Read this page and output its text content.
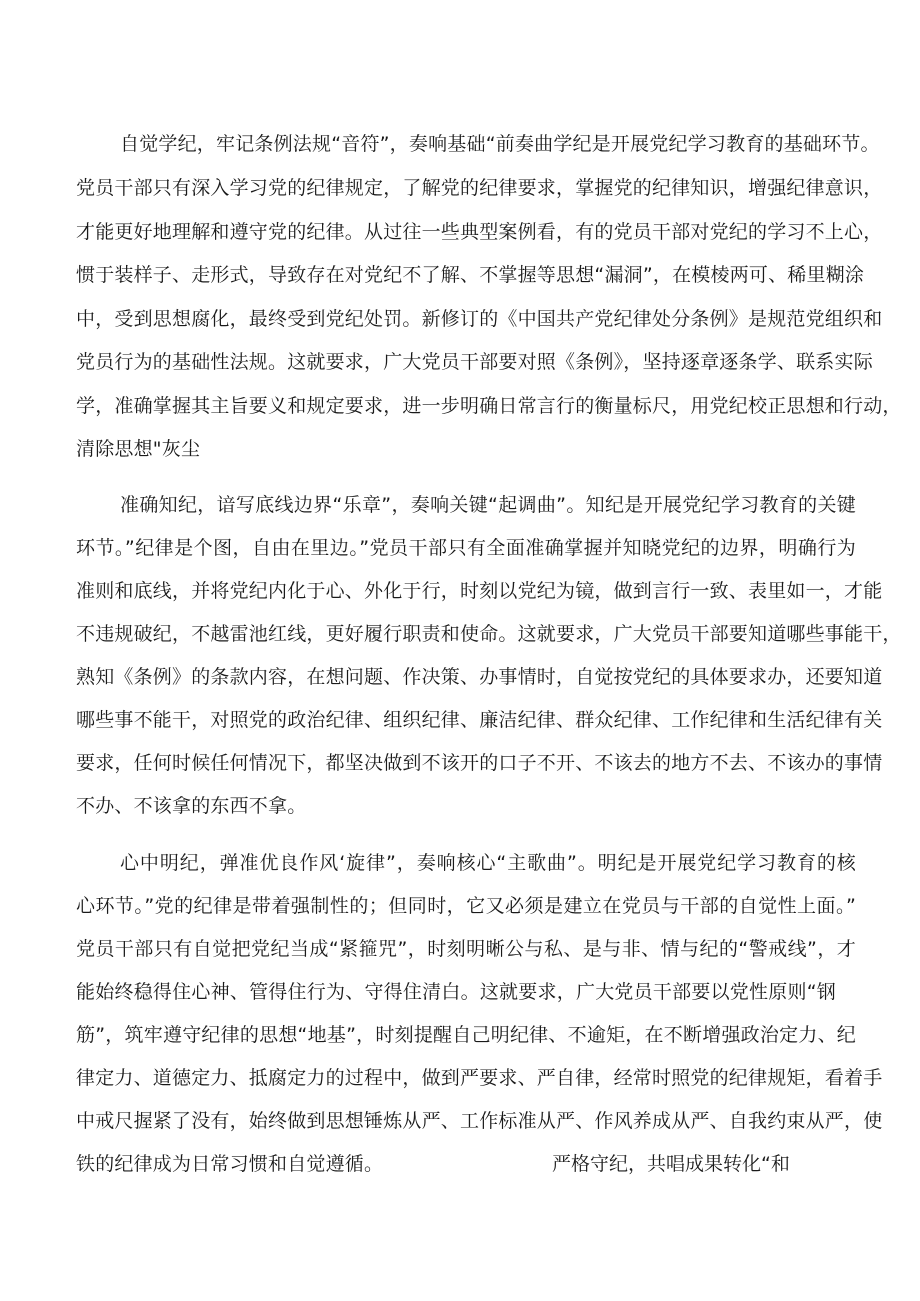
自觉学纪，牢记条例法规“音符”，奏响基础“前奏曲学纪是开展党纪学习教育的基础环节。
党员干部只有深入学习党的纪律规定，了解党的纪律要求，掌握党的纪律知识，增强纪律意识，
才能更好地理解和遵守党的纪律。从过往一些典型案例看，有的党员干部对党纪的学习不上心，
惯于装样子、走形式，导致存在对党纪不了解、不掌握等思想“漏洞”，在模棱两可、稀里糊涂
中，受到思想腐化，最终受到党纪处罚。新修订的《中国共产党纪律处分条例》是规范党组织和
党员行为的基础性法规。这就要求，广大党员干部要对照《条例》，坚持逐章逐条学、联系实际
学，准确掌握其主旨要义和规定要求，进一步明确日常言行的衡量标尺，用党纪校正思想和行动，
清除思想"灰尘
准确知纪，谙写底线边界“乐章”，奏响关键“起调曲”。知纪是开展党纪学习教育的关键
环节。”纪律是个图，自由在里边。”党员干部只有全面准确掌握并知晓党纪的边界，明确行为
准则和底线，并将党纪内化于心、外化于行，时刻以党纪为镜，做到言行一致、表里如一，才能
不违规破纪，不越雷池红线，更好履行职责和使命。这就要求，广大党员干部要知道哪些事能干，
熟知《条例》的条款内容，在想问题、作决策、办事情时，自觉按党纪的具体要求办，还要知道
哪些事不能干，对照党的政治纪律、组织纪律、廉洁纪律、群众纪律、工作纪律和生活纪律有关
要求，任何时候任何情况下，都坚决做到不该开的口子不开、不该去的地方不去、不该办的事情
不办、不该拿的东西不拿。
心中明纪，弹准优良作风‘旋律”，奏响核心“主歌曲”。明纪是开展党纪学习教育的核
心环节。”党的纪律是带着强制性的；但同时，它又必须是建立在党员与干部的自觉性上面。”
党员干部只有自觉把党纪当成“紧箍咒”，时刻明晰公与私、是与非、情与纪的“警戒线”，才
能始终稳得住心神、管得住行为、守得住清白。这就要求，广大党员干部要以党性原则“钢
筋”，筑牢遵守纪律的思想“地基”，时刻提醒自己明纪律、不逾矩，在不断增强政治定力、纪
律定力、道德定力、抵腐定力的过程中，做到严要求、严自律，经常时照党的纪律规矩，看着手
中戒尺握紧了没有，始终做到思想锤炼从严、工作标准从严、作风养成从严、自我约束从严，使
铁的纪律成为日常习惯和自觉遵循。	严格守纪，共唱成果转化“和
